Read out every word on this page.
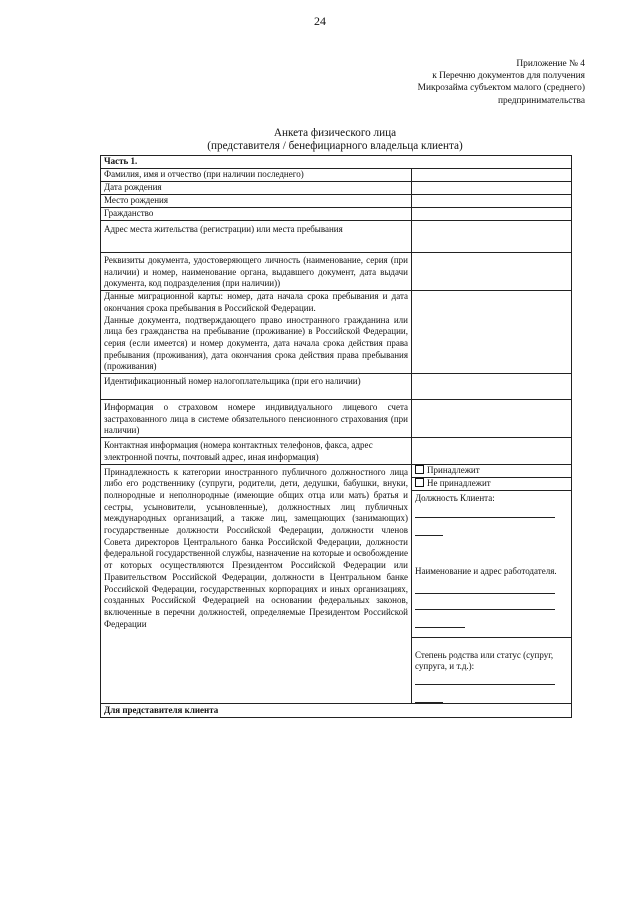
24
Приложение № 4
к Перечню документов для получения
Микрозайма субъектом малого (среднего)
предпринимательства
Анкета физического лица
(представителя / бенефициарного владельца клиента)
Часть 1.	
Фамилия, имя и отчество (при наличии последнего)	
Дата рождения	
Место рождения	
Гражданство	
Адрес места жительства (регистрации) или места пребывания	
Реквизиты документа, удостоверяющего личность (наименование, серия (при наличии) и номер, наименование органа, выдавшего документ, дата выдачи документа, код подразделения (при наличии))	

Данные миграционной карты: номер, дата начала срока пребывания и дата окончания срока пребывания в Российской Федерации.
Данные документа, подтверждающего право иностранного гражданина или лица без гражданства на пребывание (проживание) в Российской Федерации, серия (если имеется) и номер документа, дата начала срока действия права пребывания (проживания), дата окончания срока действия права пребывания (проживания)	

Идентификационный номер налогоплательщика (при его наличии)	
Информация о страховом номере индивидуального лицевого счета застрахованного лица в системе обязательного пенсионного страхования (при наличии)	
Контактная информация (номера контактных телефонов, факса, адрес электронной почты, почтовый адрес, иная информация)	
Принадлежность к категории иностранного публичного должностного лица либо его родственнику (супруги, родители, дети, дедушки, бабушки, внуки, полнородные и неполнородные (имеющие общих отца или мать) братья и сестры, усыновители, усыновленные), должностных лиц публичных международных организаций, а также лиц, замещающих (занимающих) государственные должности Российской Федерации, должности членов Совета директоров Центрального банка Российской Федерации, должности федеральной государственной службы, назначение на которые и освобождение от которых осуществляются Президентом Российской Федерации или Правительством Российской Федерации, должности в Центральном банке Российской Федерации, государственных корпорациях и иных организациях, созданных Российской Федерацией на основании федеральных законов, включенные в перечни должностей, определяемые Президентом Российской Федерации	Принадлежит
	Не принадлежит

	Должность Клиента:
Наименование и адрес работодателя.

	Степень родства или статус (супруг, супруга, и т.д.):

Для представителя клиента	
